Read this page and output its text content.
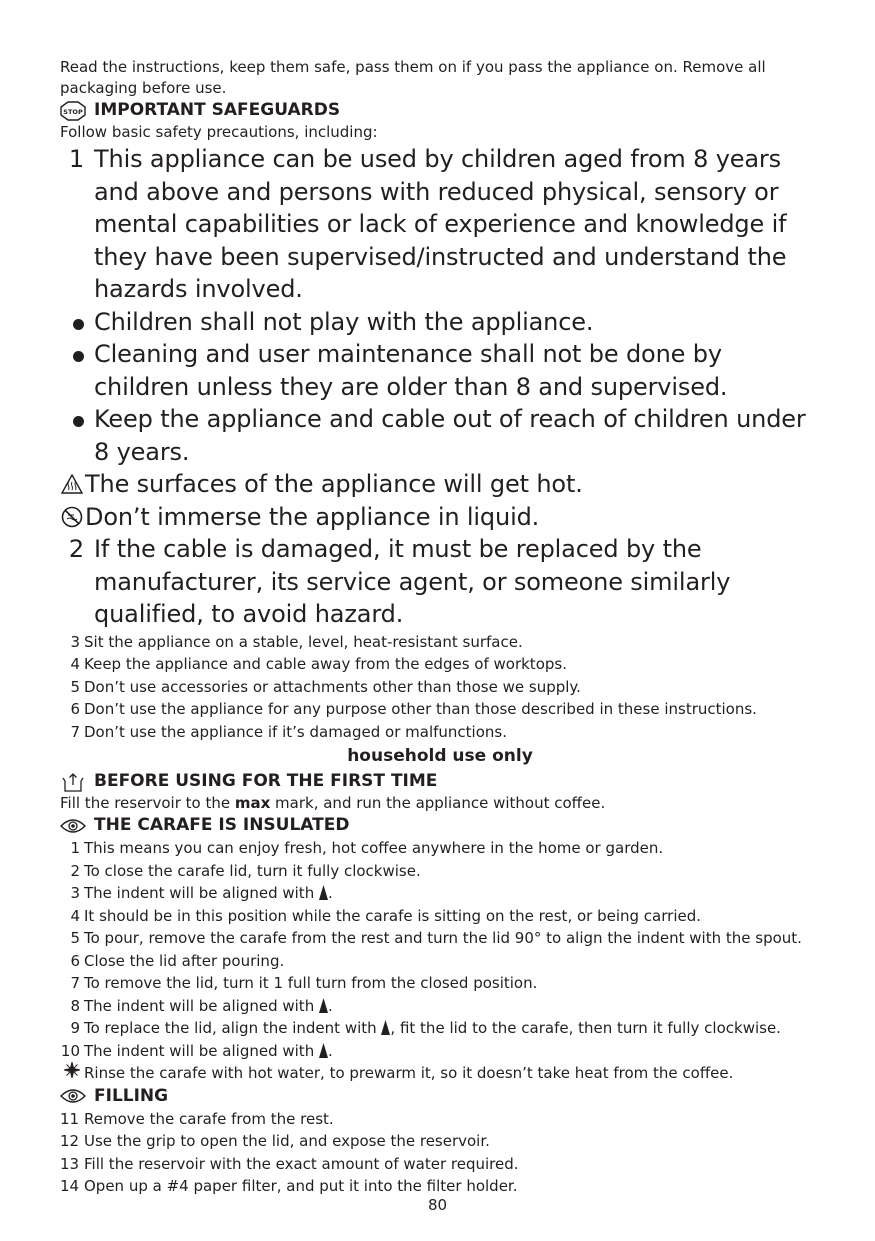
Read the instructions, keep them safe, pass them on if you pass the appliance on. Remove all packaging before use.
STOP IMPORTANT SAFEGUARDS
Follow basic safety precautions, including:
1 This appliance can be used by children aged from 8 years and above and persons with reduced physical, sensory or mental capabilities or lack of experience and knowledge if they have been supervised/instructed and understand the hazards involved.
Children shall not play with the appliance.
Cleaning and user maintenance shall not be done by children unless they are older than 8 and supervised.
Keep the appliance and cable out of reach of children under 8 years.
The surfaces of the appliance will get hot.
Don’t immerse the appliance in liquid.
2 If the cable is damaged, it must be replaced by the manufacturer, its service agent, or someone similarly qualified, to avoid hazard.
3 Sit the appliance on a stable, level, heat-resistant surface.
4 Keep the appliance and cable away from the edges of worktops.
5 Don’t use accessories or attachments other than those we supply.
6 Don’t use the appliance for any purpose other than those described in these instructions.
7 Don’t use the appliance if it’s damaged or malfunctions.
household use only
BEFORE USING FOR THE FIRST TIME
Fill the reservoir to the max mark, and run the appliance without coffee.
THE CARAFE IS INSULATED
1 This means you can enjoy fresh, hot coffee anywhere in the home or garden.
2 To close the carafe lid, turn it fully clockwise.
3 The indent will be aligned with .
4 It should be in this position while the carafe is sitting on the rest, or being carried.
5 To pour, remove the carafe from the rest and turn the lid 90° to align the indent with the spout.
6 Close the lid after pouring.
7 To remove the lid, turn it 1 full turn from the closed position.
8 The indent will be aligned with .
9 To replace the lid, align the indent with , fit the lid to the carafe, then turn it fully clockwise.
10 The indent will be aligned with .
Rinse the carafe with hot water, to prewarm it, so it doesn’t take heat from the coffee.
FILLING
11 Remove the carafe from the rest.
12 Use the grip to open the lid, and expose the reservoir.
13 Fill the reservoir with the exact amount of water required.
14 Open up a #4 paper filter, and put it into the filter holder.
80
